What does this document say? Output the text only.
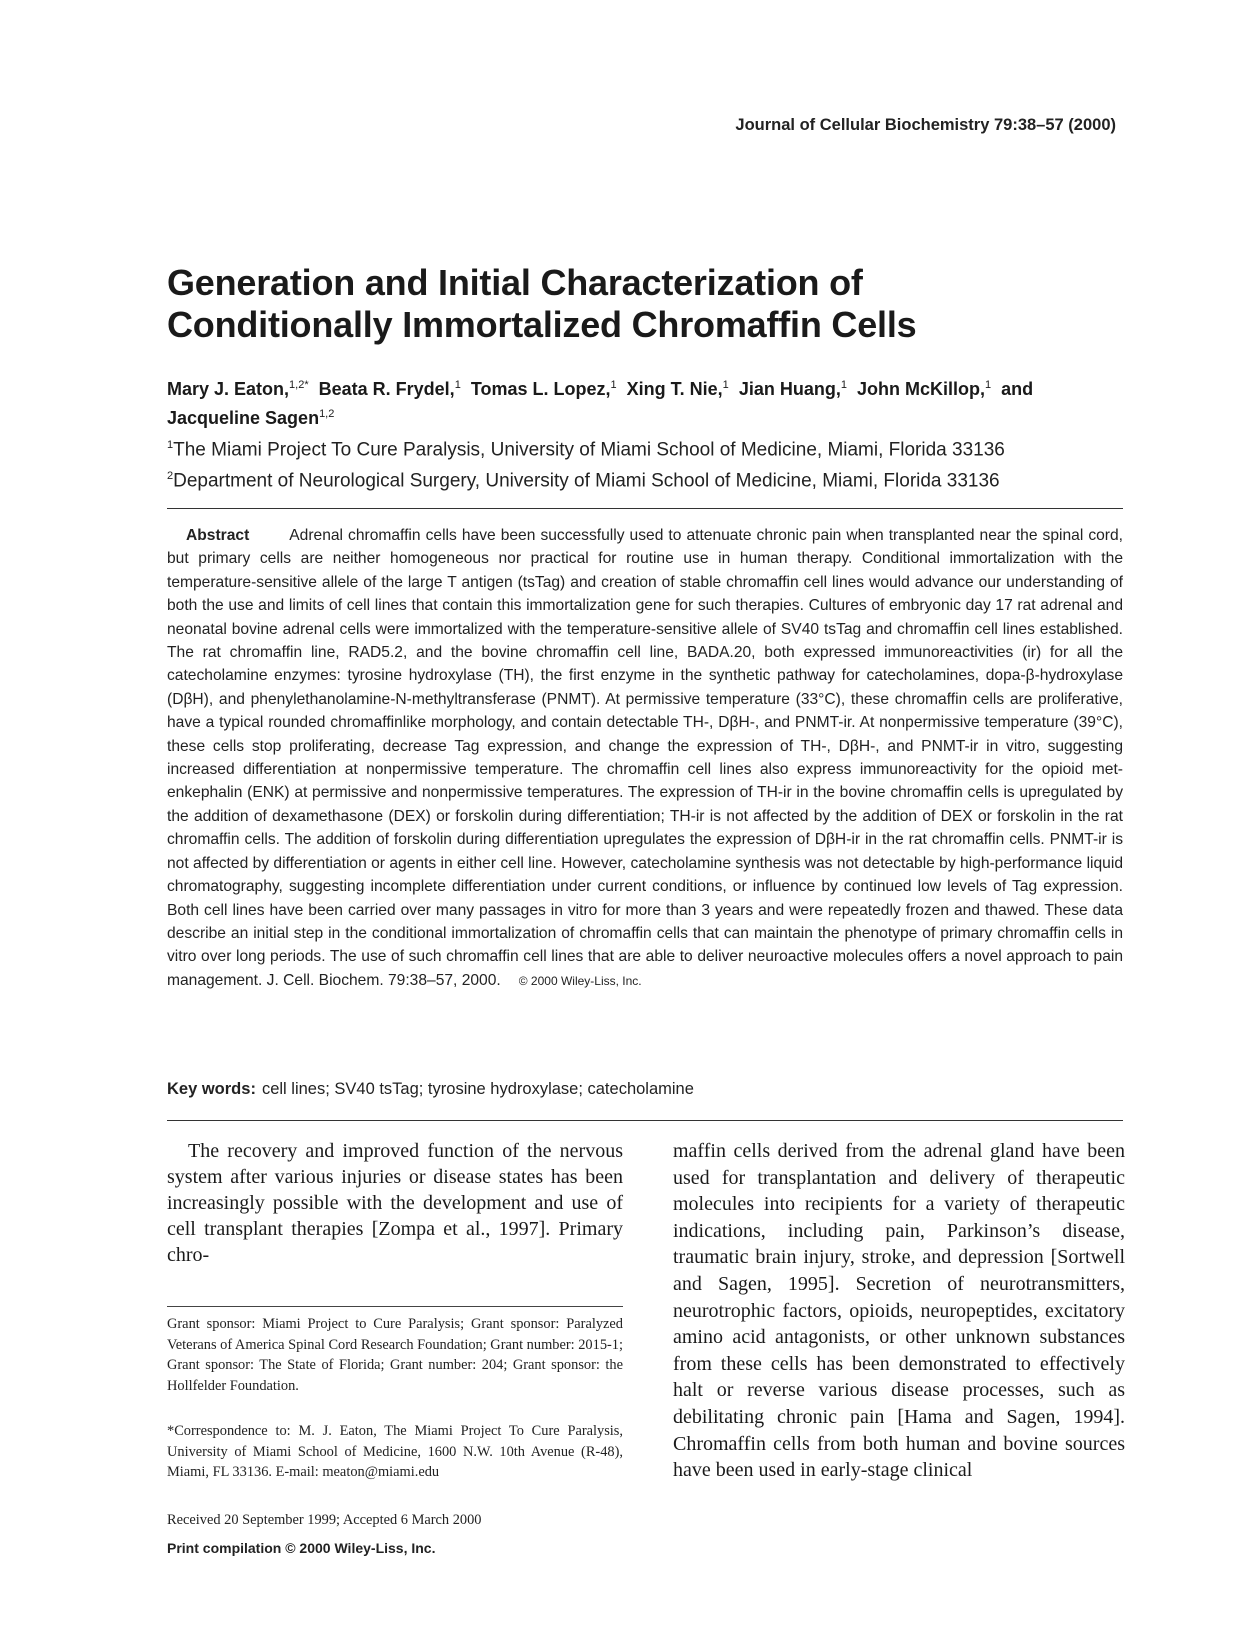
Journal of Cellular Biochemistry 79:38–57 (2000)
Generation and Initial Characterization of
Conditionally Immortalized Chromaffin Cells
Mary J. Eaton,$^{1,2*}$ Beata R. Frydel,$^1$ Tomas L. Lopez,$^1$ Xing T. Nie,$^1$ Jian Huang,$^1$ John McKillop,$^1$ and
Jacqueline Sagen$^{1,2}$
$^1$The Miami Project To Cure Paralysis, University of Miami School of Medicine, Miami, Florida 33136
$^2$Department of Neurological Surgery, University of Miami School of Medicine, Miami, Florida 33136

Abstract	Adrenal chromaffin cells have been successfully used to attenuate chronic pain when transplanted near the spinal cord, but primary cells are neither homogeneous nor practical for routine use in human therapy. Conditional immortalization with the temperature-sensitive allele of the large T antigen (tsTag) and creation of stable chromaffin cell lines would advance our understanding of both the use and limits of cell lines that contain this immortalization gene for such therapies. Cultures of embryonic day 17 rat adrenal and neonatal bovine adrenal cells were immortalized with the temperature-sensitive allele of SV40 tsTag and chromaffin cell lines established. The rat chromaffin line, RAD5.2, and the bovine chromaffin cell line, BADA.20, both expressed immunoreactivities (ir) for all the catecholamine enzymes: tyrosine hydroxylase (TH), the first enzyme in the synthetic pathway for catecholamines, dopa-β-hydroxylase (DβH), and phenylethanolamine-N-methyltransferase (PNMT). At permissive temperature (33°C), these chromaffin cells are proliferative, have a typical rounded chromaffinlike morphology, and contain detectable TH-, DβH-, and PNMT-ir. At nonpermissive temperature (39°C), these cells stop proliferating, decrease Tag expression, and change the expression of TH-, DβH-, and PNMT-ir in vitro, suggesting increased differentiation at nonpermissive temperature. The chromaffin cell lines also express immunoreactivity for the opioid met-enkephalin (ENK) at permissive and nonpermissive temperatures. The expression of TH-ir in the bovine chromaffin cells is upregulated by the addition of dexamethasone (DEX) or forskolin during differentiation; TH-ir is not affected by the addition of DEX or forskolin in the rat chromaffin cells. The addition of forskolin during differentiation upregulates the expression of DβH-ir in the rat chromaffin cells. PNMT-ir is not affected by differentiation or agents in either cell line. However, catecholamine synthesis was not detectable by high-performance liquid chromatography, suggesting incomplete differentiation under current conditions, or influence by continued low levels of Tag expression. Both cell lines have been carried over many passages in vitro for more than 3 years and were repeatedly frozen and thawed. These data describe an initial step in the conditional immortalization of chromaffin cells that can maintain the phenotype of primary chromaffin cells in vitro over long periods. The use of such chromaffin cell lines that are able to deliver neuroactive molecules offers a novel approach to pain management. J. Cell. Biochem. 79:38–57, 2000. © 2000 Wiley-Liss, Inc.

Key words: cell lines; SV40 tsTag; tyrosine hydroxylase; catecholamine

The recovery and improved function of the nervous system after various injuries or disease states has been increasingly possible with the development and use of cell transplant therapies [Zompa et al., 1997]. Primary chro-

maffin cells derived from the adrenal gland have been used for transplantation and delivery of therapeutic molecules into recipients for a variety of therapeutic indications, including pain, Parkinson’s disease, traumatic brain injury, stroke, and depression [Sortwell and Sagen, 1995]. Secretion of neurotransmitters, neurotrophic factors, opioids, neuropeptides, excitatory amino acid antagonists, or other unknown substances from these cells has been demonstrated to effectively halt or reverse various disease processes, such as debilitating chronic pain [Hama and Sagen, 1994]. Chromaffin cells from both human and bovine sources have been used in early-stage clinical

Grant sponsor: Miami Project to Cure Paralysis; Grant sponsor: Paralyzed Veterans of America Spinal Cord Research Foundation; Grant number: 2015-1; Grant sponsor: The State of Florida; Grant number: 204; Grant sponsor: the Hollfelder Foundation.

*Correspondence to: M. J. Eaton, The Miami Project To Cure Paralysis, University of Miami School of Medicine, 1600 N.W. 10th Avenue (R-48), Miami, FL 33136. E-mail: meaton@miami.edu

Received 20 September 1999; Accepted 6 March 2000

Print compilation © 2000 Wiley-Liss, Inc.
